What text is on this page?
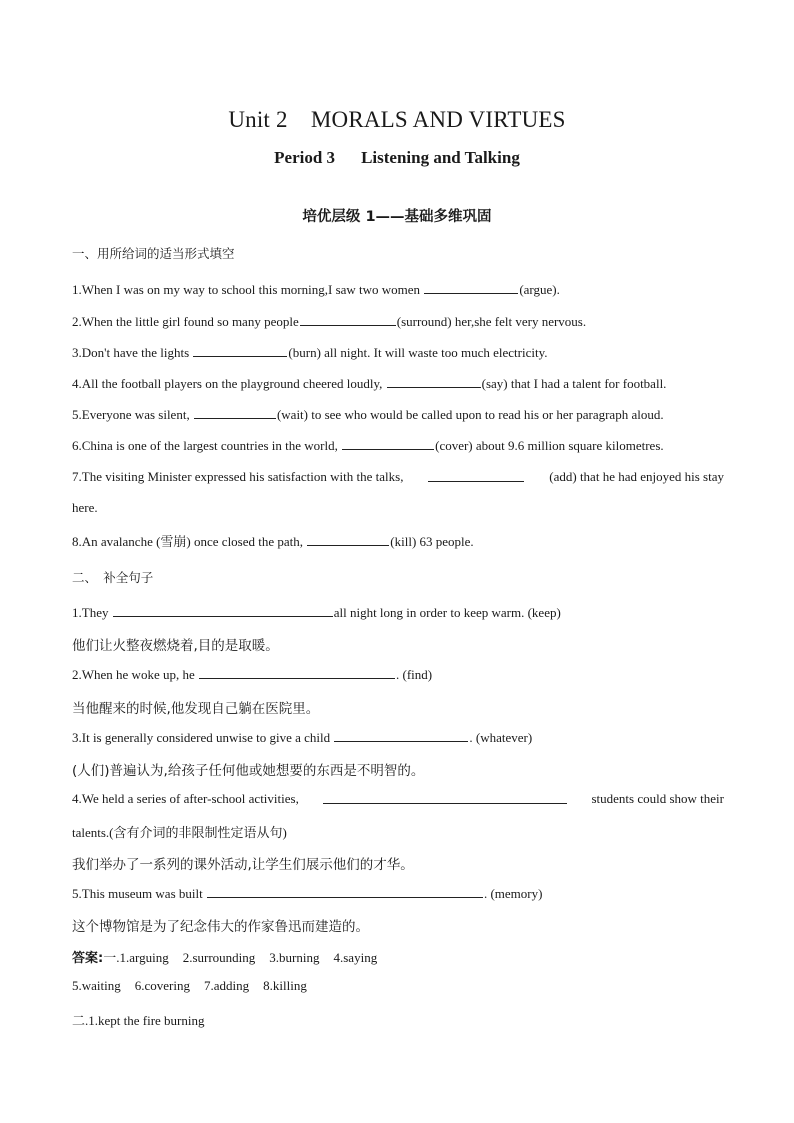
Unit 2　MORALS AND VIRTUES
Period 3 Listening and Talking
培优层级 1——基础多维巩固
一、用所给词的适当形式填空
1.When I was on my way to school this morning,I saw two women	(argue).
2.When the little girl found so many people	(surround) her,she felt very nervous.
3.Don't have the lights	(burn) all night. It will waste too much electricity.
4.All the football players on the playground cheered loudly,	(say) that I had a talent for football.
5.Everyone was silent,	(wait) to see who would be called upon to read his or her paragraph aloud.
6.China is one of the largest countries in the world,	(cover) about 9.6 million square kilometres.
7.The visiting Minister expressed his satisfaction with the talks,	(add) that he had enjoyed his stay
here.
8.An avalanche (雪崩) once closed the path,	(kill) 63 people.
二、　补全句子
1.They	all night long in order to keep warm. (keep)
他们让火整夜燃烧着,目的是取暖。
2.When he woke up, he	. (find)
当他醒来的时候,他发现自己躺在医院里。
3.It is generally considered unwise to give a child	. (whatever)
(人们)普遍认为,给孩子任何他或她想要的东西是不明智的。
4.We held a series of after-school activities,	students could show their
talents.(含有介词的非限制性定语从句)
我们举办了一系列的课外活动,让学生们展示他们的才华。
5.This museum was built	. (memory)
这个博物馆是为了纪念伟大的作家鲁迅而建造的。
答案:一.1.arguing 2.surrounding 3.burning 4.saying
5.waiting 6.covering 7.adding 8.killing
二.1.kept the fire burning
